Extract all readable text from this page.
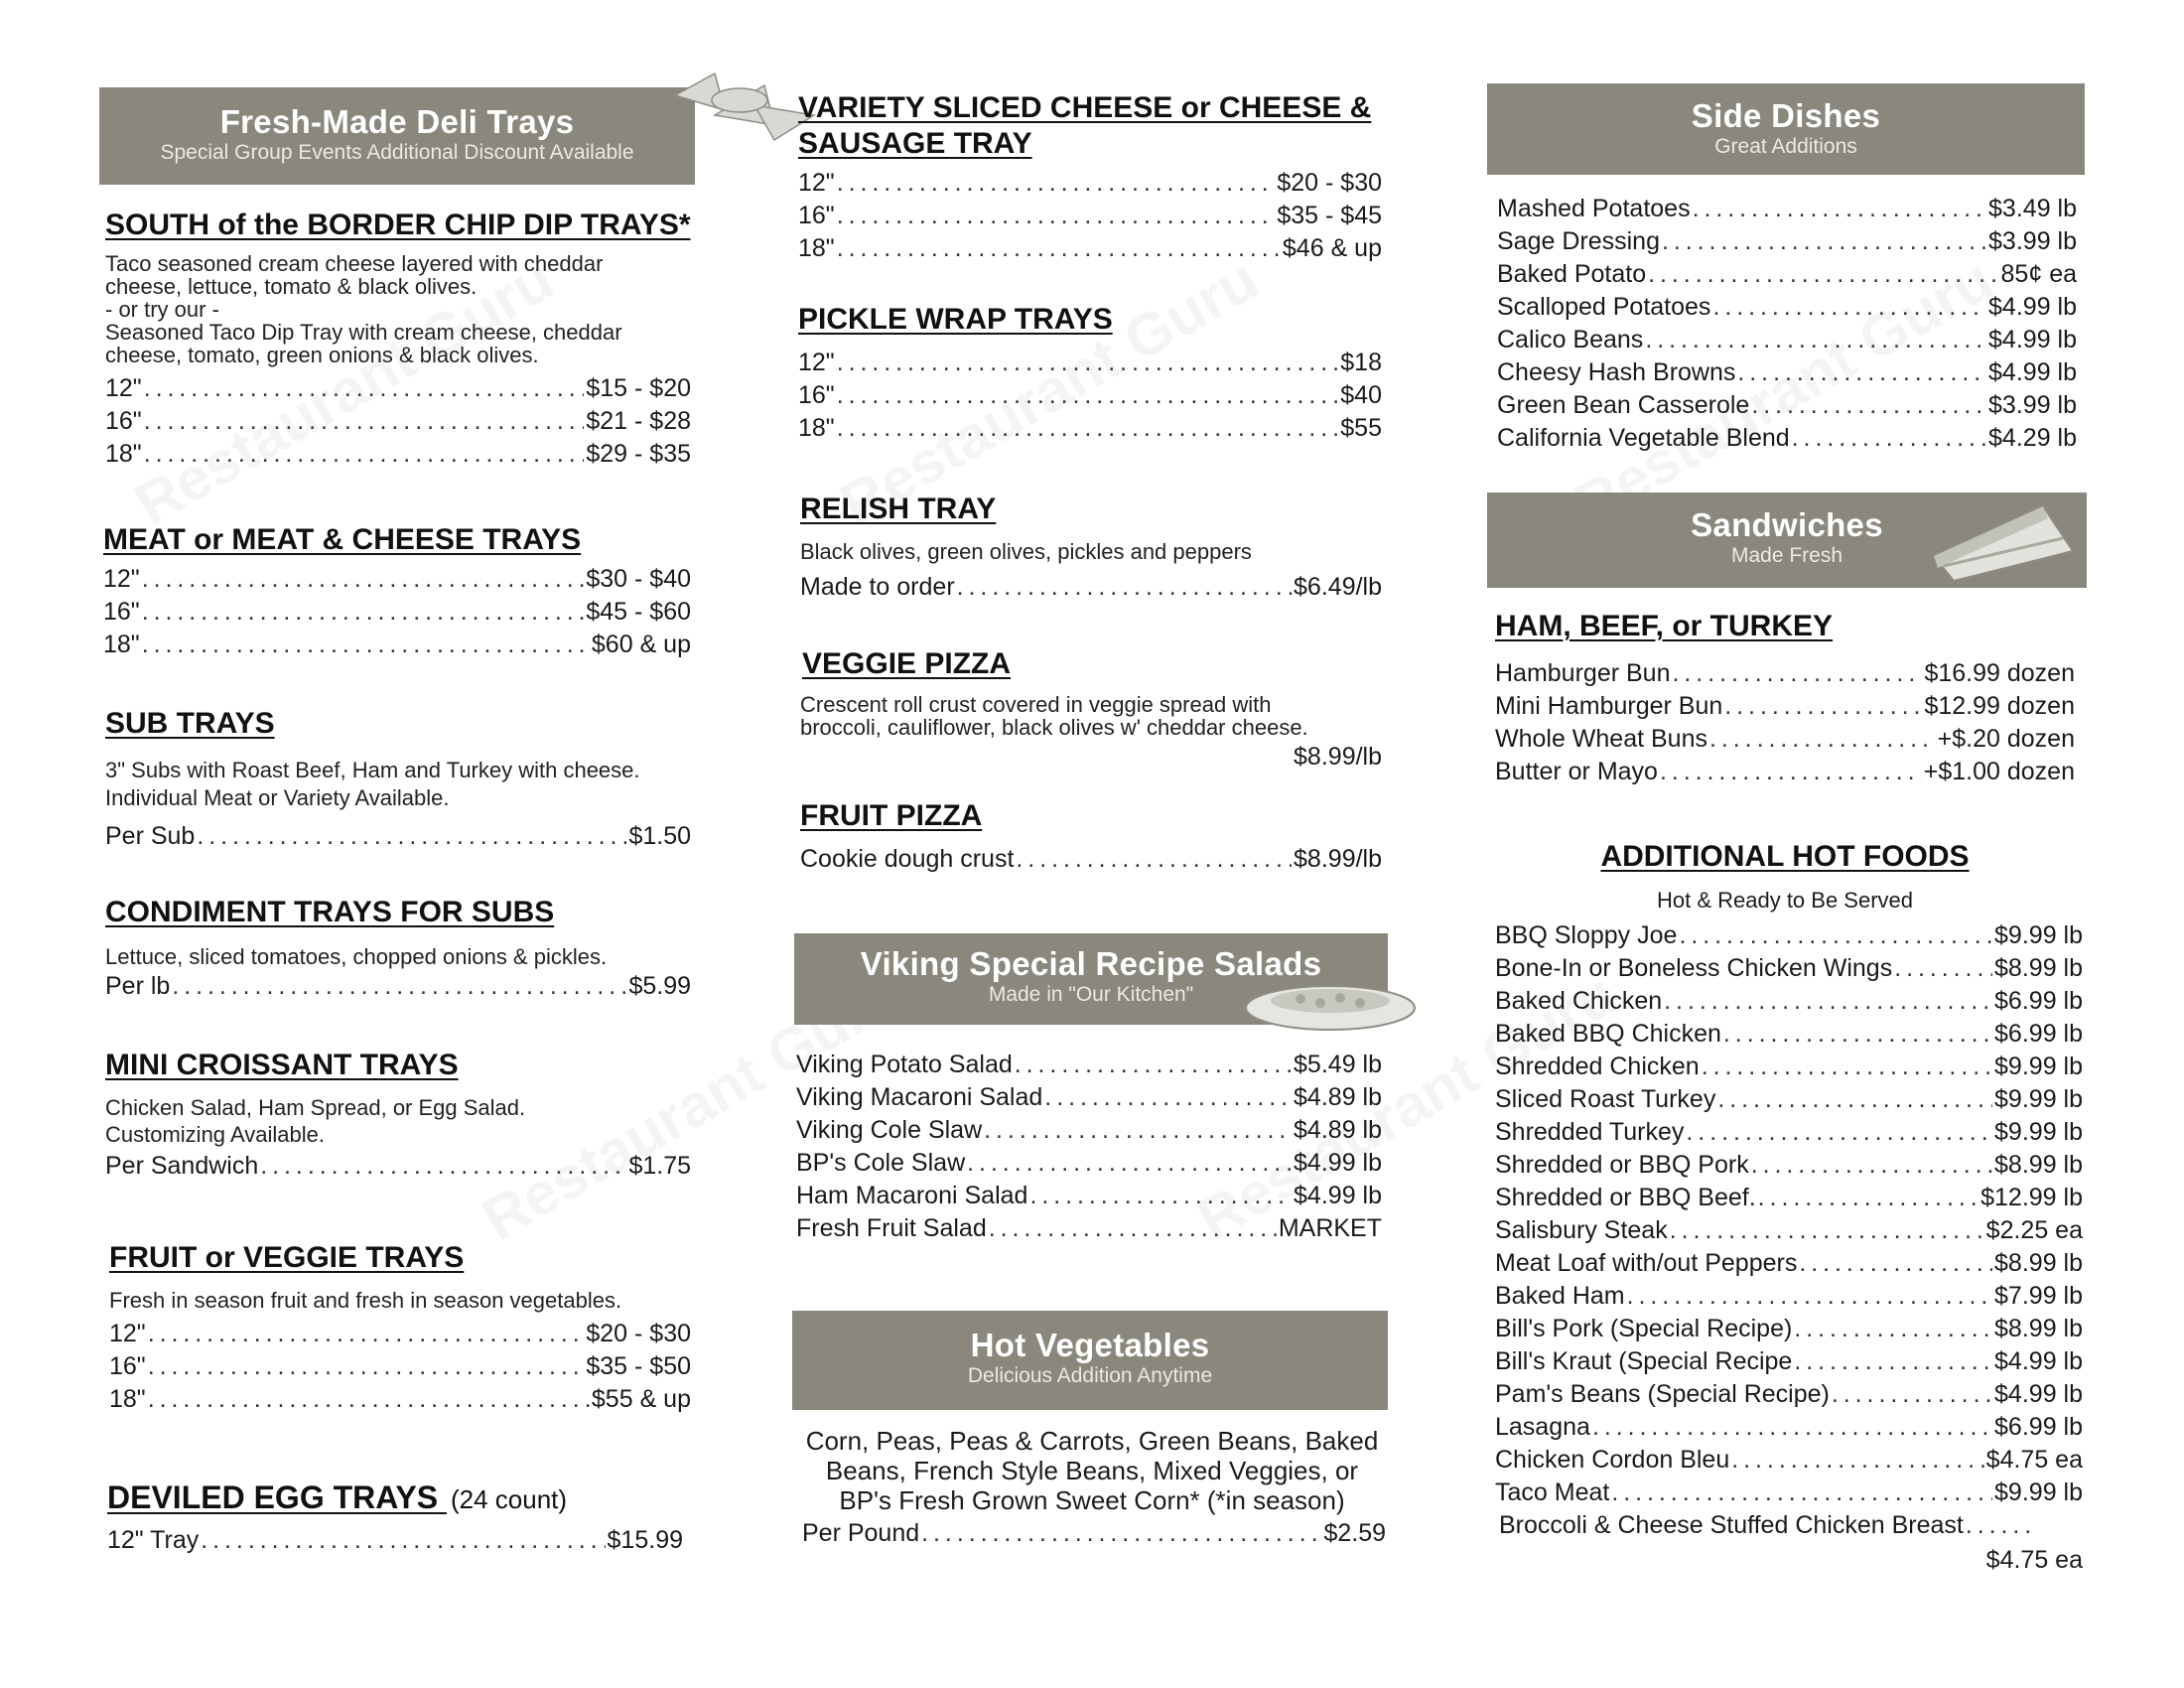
Fresh-Made Deli Trays
Special Group Events Additional Discount Available
SOUTH of the BORDER CHIP DIP TRAYS*
Taco seasoned cream cheese layered with cheddar
cheese, lettuce, tomato & black olives.
- or try our -
Seasoned Taco Dip Tray with cream cheese, cheddar
cheese, tomato, green onions & black olives.
12" . . .	$15 - $20
16" . . .	$21 - $28
18" . . .	$29 - $35
MEAT or MEAT & CHEESE TRAYS
12" . . .	$30 - $40
16" . . .	$45 - $60
18" . . .	$60 & up
SUB TRAYS
3" Subs with Roast Beef, Ham and Turkey with cheese.
Individual Meat or Variety Available.
Per Sub . . .	$1.50
CONDIMENT TRAYS FOR SUBS
Lettuce, sliced tomatoes, chopped onions & pickles.
Per lb . . .	$5.99
MINI CROISSANT TRAYS
Chicken Salad, Ham Spread, or Egg Salad.
Customizing Available.
Per Sandwich . . .	$1.75
FRUIT or VEGGIE TRAYS
Fresh in season fruit and fresh in season vegetables.
12" . . .	$20 - $30
16" . . .	$35 - $50
18" . . .	$55 & up
DEVILED EGG TRAYS (24 count)
12" Tray . . .	$15.99
VARIETY SLICED CHEESE or CHEESE &
SAUSAGE TRAY
12" . . .	$20 - $30
16" . . .	$35 - $45
18" . . .	$46 & up
PICKLE WRAP TRAYS
12" . . .	$18
16" . . .	$40
18" . . .	$55
RELISH TRAY
Black olives, green olives, pickles and peppers
Made to order . . .	$6.49/lb
VEGGIE PIZZA
Crescent roll crust covered in veggie spread with
broccoli, cauliflower, black olives w' cheddar cheese.
$8.99/lb
FRUIT PIZZA
Cookie dough crust . . .	$8.99/lb
Viking Special Recipe Salads
Made in "Our Kitchen"
Viking Potato Salad . . .	$5.49 lb
Viking Macaroni Salad . . .	$4.89 lb
Viking Cole Slaw . . .	$4.89 lb
BP's Cole Slaw . . .	$4.99 lb
Ham Macaroni Salad . . .	$4.99 lb
Fresh Fruit Salad . . .	MARKET
Hot Vegetables
Delicious Addition Anytime
Corn, Peas, Peas & Carrots, Green Beans, Baked
Beans, French Style Beans, Mixed Veggies, or
BP's Fresh Grown Sweet Corn* (*in season)
Per Pound . . .	$2.59
Side Dishes
Great Additions
Mashed Potatoes . . .	$3.49 lb
Sage Dressing . . .	$3.99 lb
Baked Potato . . .	85¢ ea
Scalloped Potatoes . . .	$4.99 lb
Calico Beans . . .	$4.99 lb
Cheesy Hash Browns . . .	$4.99 lb
Green Bean Casserole . . .	$3.99 lb
California Vegetable Blend . . .	$4.29 lb
Sandwiches
Made Fresh
HAM, BEEF, or TURKEY
Hamburger Bun . . .	$16.99 dozen
Mini Hamburger Bun . . .	$12.99 dozen
Whole Wheat Buns . . .	+$.20 dozen
Butter or Mayo . . .	+$1.00 dozen
ADDITIONAL HOT FOODS
Hot & Ready to Be Served
BBQ Sloppy Joe . . .	$9.99 lb
Bone-In or Boneless Chicken Wings . . .	$8.99 lb
Baked Chicken . . .	$6.99 lb
Baked BBQ Chicken . . .	$6.99 lb
Shredded Chicken . . .	$9.99 lb
Sliced Roast Turkey . . .	$9.99 lb
Shredded Turkey . . .	$9.99 lb
Shredded or BBQ Pork . . .	$8.99 lb
Shredded or BBQ Beef. . . .	$12.99 lb
Salisbury Steak . . .	$2.25 ea
Meat Loaf with/out Peppers . . .	$8.99 lb
Baked Ham . . .	$7.99 lb
Bill's Pork (Special Recipe) . . .	$8.99 lb
Bill's Kraut (Special Recipe . . .	$4.99 lb
Pam's Beans (Special Recipe) . . .	$4.99 lb
Lasagna . . .	$6.99 lb
Chicken Cordon Bleu . . .	$4.75 ea
Taco Meat . . .	$9.99 lb
Broccoli & Cheese Stuffed Chicken Breast
. . .
$4.75 ea
